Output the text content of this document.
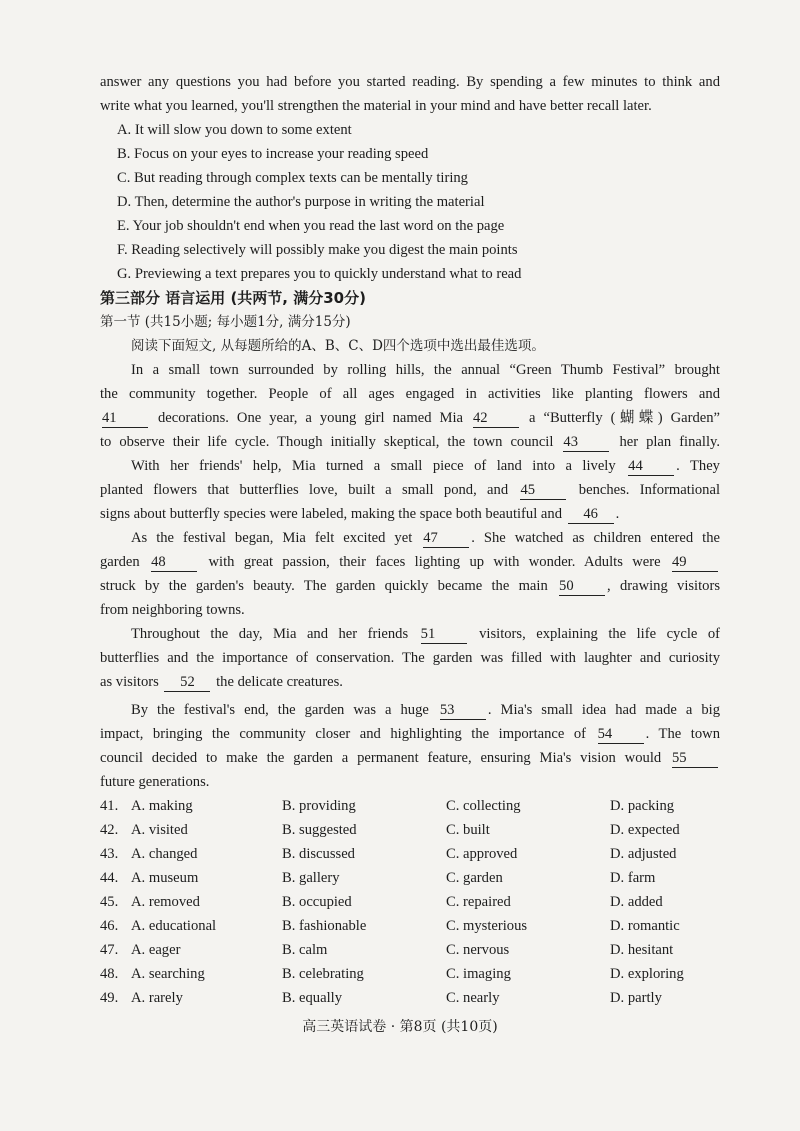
answer any questions you had before you started reading. By spending a few minutes to think and
write what you learned, you'll strengthen the material in your mind and have better recall later.
A. It will slow you down to some extent
B. Focus on your eyes to increase your reading speed
C. But reading through complex texts can be mentally tiring
D. Then, determine the author's purpose in writing the material
E. Your job shouldn't end when you read the last word on the page
F. Reading selectively will possibly make you digest the main points
G. Previewing a text prepares you to quickly understand what to read
第三部分 语言运用 (共两节, 满分30分)
第一节 (共15小题; 每小题1分, 满分15分)
阅读下面短文, 从每题所给的A、B、C、D四个选项中选出最佳选项。
In a small town surrounded by rolling hills, the annual “Green Thumb Festival” brought
the community together. People of all ages engaged in activities like planting flowers and
41	decorations. One year, a young girl named Mia 42	a “Butterfly (蝴蝶) Garden”
to observe their life cycle. Though initially skeptical, the town council 43	her plan finally.
With her friends' help, Mia turned a small piece of land into a lively 44 . They
planted flowers that butterflies love, built a small pond, and 45	benches. Informational
signs about butterfly species were labeled, making the space both beautiful and 46 .
As the festival began, Mia felt excited yet 47 . She watched as children entered the
garden 48	with great passion, their faces lighting up with wonder. Adults were 49
struck by the garden's beauty. The garden quickly became the main 50 , drawing visitors
from neighboring towns.
Throughout the day, Mia and her friends 51	visitors, explaining the life cycle of
butterflies and the importance of conservation. The garden was filled with laughter and curiosity
as visitors 52 the delicate creatures.
By the festival's end, the garden was a huge 53 . Mia's small idea had made a big
impact, bringing the community closer and highlighting the importance of 54 . The town
council decided to make the garden a permanent feature, ensuring Mia's vision would 55
future generations.
41. A. making	B. providing	C. collecting	D. packing
42. A. visited	B. suggested	C. built	D. expected
43. A. changed	B. discussed	C. approved	D. adjusted
44. A. museum	B. gallery	C. garden	D. farm
45. A. removed	B. occupied	C. repaired	D. added
46. A. educational	B. fashionable	C. mysterious	D. romantic
47. A. eager	B. calm	C. nervous	D. hesitant
48. A. searching	B. celebrating	C. imaging	D. exploring
49. A. rarely	B. equally	C. nearly	D. partly
高三英语试卷 · 第8页 (共10页)
